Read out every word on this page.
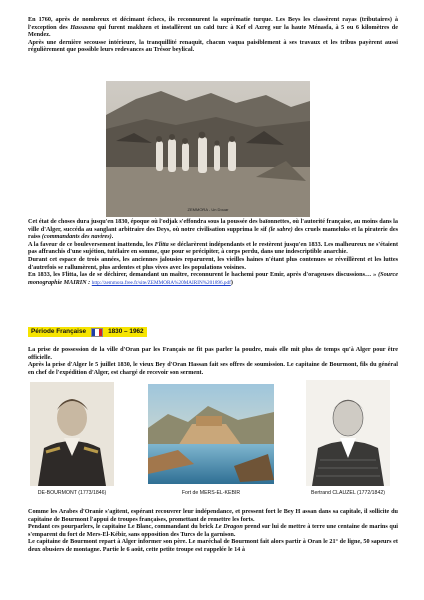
En 1760, après de nombreux et décimant échecs, ils reconnurent la suprématie turque. Les Beys les classèrent rayas (tributaires) à l'exception des Hassasna qui furent makhzen et installèrent un caïd turc à Kef el Azreg sur la haute Ménasfa, à 5 ou 6 kilomètres de Mendez.
Après une dernière secousse intérieure, la tranquillité renaquit, chacun vaqua paisiblement à ses travaux et les tribus payèrent aussi régulièrement que possible leurs redevances au Trésor beylical.
ZEMMORA - Un Douar
Cet état de choses dura jusqu'en 1830, époque où l'odjak s'effondra sous la poussée des baïonnettes, où l'autorité française, au moins dans la ville d'Alger, succéda au sanglant arbitraire des Deys, où notre civilisation supprima le sif (le sabre) des cruels mameluks et la piraterie des raiss (commandants des navires).
A la faveur de ce bouleversement inattendu, les Flitta se déclarèrent indépendants et le restèrent jusqu'en 1833. Les malheureux ne s'étaient pas affranchis d'une sujétion, tutélaire en somme, que pour se précipiter, à corps perdu, dans une indescriptible anarchie.
Durant cet espace de trois années, les anciennes jalousies reparurent, les vieilles haines n'étant plus contenues se réveillèrent et les luttes d'autrefois se rallumèrent, plus ardentes et plus vives avec les populations voisines.
En 1833, les Flitta, las de se déchirer, demandant un maître, reconnurent le hachemi pour Emir, après d'orageuses discussions… » (Source monographie MAIRIN : http://zemmora.free.fr/site/ZEMMORA%20MAIRIN%201896.pdf)
Période Française	1830 – 1962
La prise de possession de la ville d'Oran par les Français ne fit pas parler la poudre, mais elle mit plus de temps qu'à Alger pour être officielle.
Après la prise d'Alger le 5 juillet 1830, le vieux Bey d'Oran Hassan fait ses offres de soumission. Le capitaine de Bourmont, fils du général en chef de l'expédition d'Alger, est chargé de recevoir son serment.
DE-BOURMONT (1773/1846)	Fort de MERS-EL-KEBIR	Bertrand CLAUZEL (1772/1842)
Comme les Arabes d'Oranie s'agitent, espérant recouvrer leur indépendance, et pressent fort le Bey H assan dans sa capitale, il sollicite du capitaine de Bourmont l'appui de troupes françaises, promettant de remettre les forts.
Pendant ces pourparlers, le capitaine Le Blanc, commandant du brick Le Dragon prend sur lui de mettre à terre une centaine de marins qui s'emparent du fort de Mers-El-Kébir, sans opposition des Turcs de la garnison.
Le capitaine de Bourmont repart à Alger informer son père. Le maréchal de Bourmont fait alors partir à Oran le 21° de ligne, 50 sapeurs et deux obusiers de montagne. Partie le 6 août, cette petite troupe est rappelée le 14 à
